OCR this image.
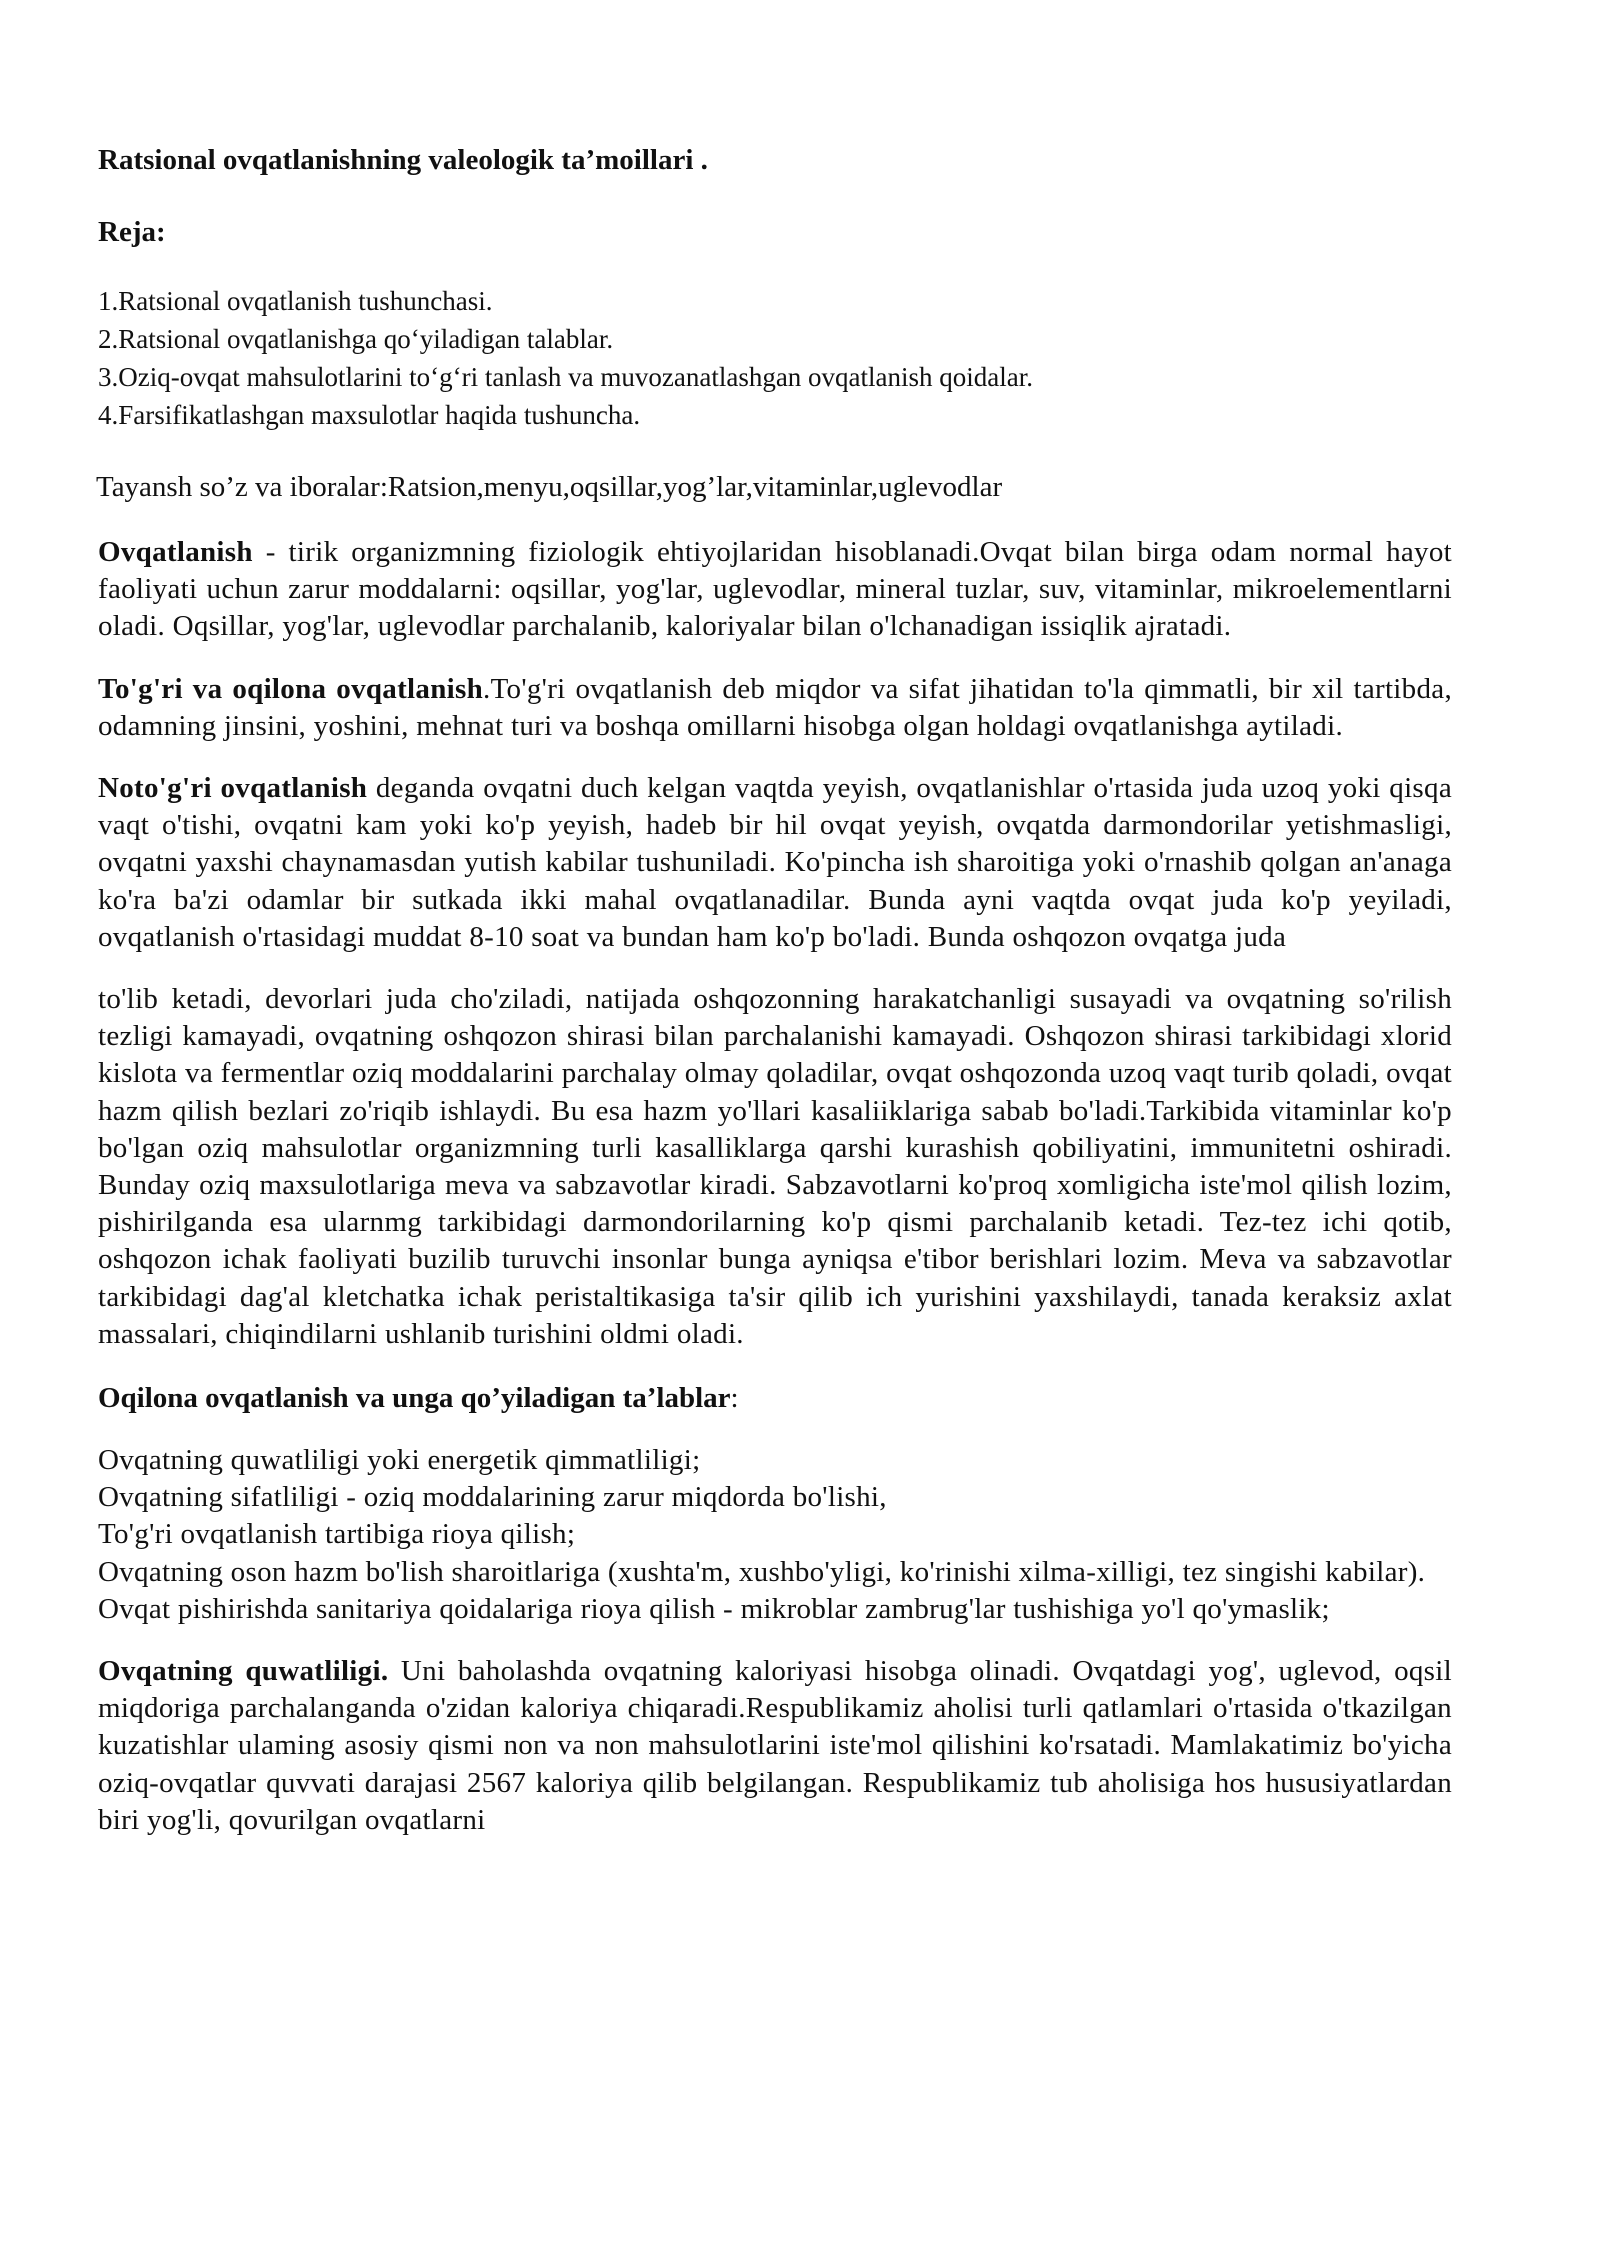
Ratsional ovqatlanishning valeologik ta’moillari .
Reja:
1.Ratsional ovqatlanish tushunchasi.
2.Ratsional ovqatlanishga qo‘yiladigan talablar.
3.Oziq-ovqat mahsulotlarini to‘g‘ri tanlash va muvozanatlashgan ovqatlanish qoidalar.
4.Farsifikatlashgan maxsulotlar haqida tushuncha.
Tayansh so’z va iboralar:Ratsion,menyu,oqsillar,yog’lar,vitaminlar,uglevodlar

Ovqatlanish - tirik organizmning fiziologik ehtiyojlaridan hisoblanadi.Ovqat bilan birga odam normal hayot faoliyati uchun zarur moddalarni: oqsillar, yog'lar, uglevodlar, mineral tuzlar, suv, vitaminlar, mikroelementlarni oladi. Oqsillar, yog'lar, uglevodlar parchalanib, kaloriyalar bilan o'lchanadigan issiqlik ajratadi.

To'g'ri va oqilona ovqatlanish.To'g'ri ovqatlanish deb miqdor va sifat jihatidan to'la qimmatli, bir xil tartibda, odamning jinsini, yoshini, mehnat turi va boshqa omillarni hisobga olgan holdagi ovqatlanishga aytiladi.

Noto'g'ri ovqatlanish deganda ovqatni duch kelgan vaqtda yeyish, ovqatlanishlar o'rtasida juda uzoq yoki qisqa vaqt o'tishi, ovqatni kam yoki ko'p yeyish, hadeb bir hil ovqat yeyish, ovqatda darmondorilar yetishmasligi, ovqatni yaxshi chaynamasdan yutish kabilar tushuniladi. Ko'pincha ish sharoitiga yoki o'rnashib qolgan an'anaga ko'ra ba'zi odamlar bir sutkada ikki mahal ovqatlanadilar. Bunda ayni vaqtda ovqat juda ko'p yeyiladi, ovqatlanish o'rtasidagi muddat 8-10 soat va bundan ham ko'p bo'ladi. Bunda oshqozon ovqatga juda

to'lib ketadi, devorlari juda cho'ziladi, natijada oshqozonning harakatchanligi susayadi va ovqatning so'rilish tezligi kamayadi, ovqatning oshqozon shirasi bilan parchalanishi kamayadi. Oshqozon shirasi tarkibidagi xlorid kislota va fermentlar oziq moddalarini parchalay olmay qoladilar, ovqat oshqozonda uzoq vaqt turib qoladi, ovqat hazm qilish bezlari zo'riqib ishlaydi. Bu esa hazm yo'llari kasaliiklariga sabab bo'ladi.Tarkibida vitaminlar ko'p bo'lgan oziq mahsulotlar organizmning turli kasalliklarga qarshi kurashish qobiliyatini, immunitetni oshiradi. Bunday oziq maxsulotlariga meva va sabzavotlar kiradi. Sabzavotlarni ko'proq xomligicha iste'mol qilish lozim, pishirilganda esa ularnmg tarkibidagi darmondorilarning ko'p qismi parchalanib ketadi. Tez-tez ichi qotib, oshqozon ichak faoliyati buzilib turuvchi insonlar bunga ayniqsa e'tibor berishlari lozim. Meva va sabzavotlar tarkibidagi dag'al kletchatka ichak peristaltikasiga ta'sir qilib ich yurishini yaxshilaydi, tanada keraksiz axlat massalari, chiqindilarni ushlanib turishini oldmi oladi.

Oqilona ovqatlanish va unga qo’yiladigan ta’lablar:
Ovqatning quwatliligi yoki energetik qimmatliligi;
Ovqatning sifatliligi - oziq moddalarining zarur miqdorda bo'lishi,
To'g'ri ovqatlanish tartibiga rioya qilish;
Ovqatning oson hazm bo'lish sharoitlariga (xushta'm, xushbo'yligi, ko'rinishi xilma-xilligi, tez singishi kabilar).
Ovqat pishirishda sanitariya qoidalariga rioya qilish - mikroblar zambrug'lar tushishiga yo'l qo'ymaslik;

Ovqatning quwatliligi. Uni baholashda ovqatning kaloriyasi hisobga olinadi. Ovqatdagi yog', uglevod, oqsil miqdoriga parchalanganda o'zidan kaloriya chiqaradi.Respublikamiz aholisi turli qatlamlari o'rtasida o'tkazilgan kuzatishlar ulaming asosiy qismi non va non mahsulotlarini iste'mol qilishini ko'rsatadi. Mamlakatimiz bo'yicha oziq-ovqatlar quvvati darajasi 2567 kaloriya qilib belgilangan. Respublikamiz tub aholisiga hos hususiyatlardan biri yog'li, qovurilgan ovqatlarni
